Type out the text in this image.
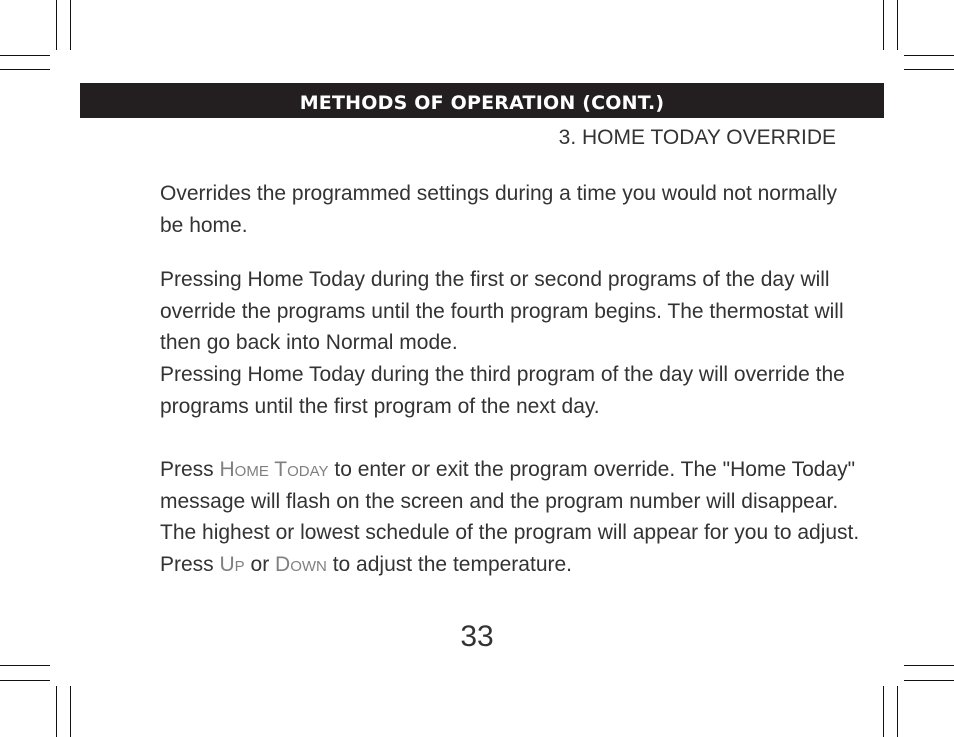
METHODS OF OPERATION (CONT.)
3. HOME TODAY OVERRIDE

Overrides the programmed settings during a time you would not normally be home.

Pressing Home Today during the first or second programs of the day will override the programs until the fourth program begins. The thermostat will then go back into Normal mode.

Pressing Home Today during the third program of the day will override the programs until the first program of the next day.

Press Home Today to enter or exit the program override. The "Home Today" message will flash on the screen and the program number will disappear. The highest or lowest schedule of the program will appear for you to adjust. Press Up or Down to adjust the temperature.

33
